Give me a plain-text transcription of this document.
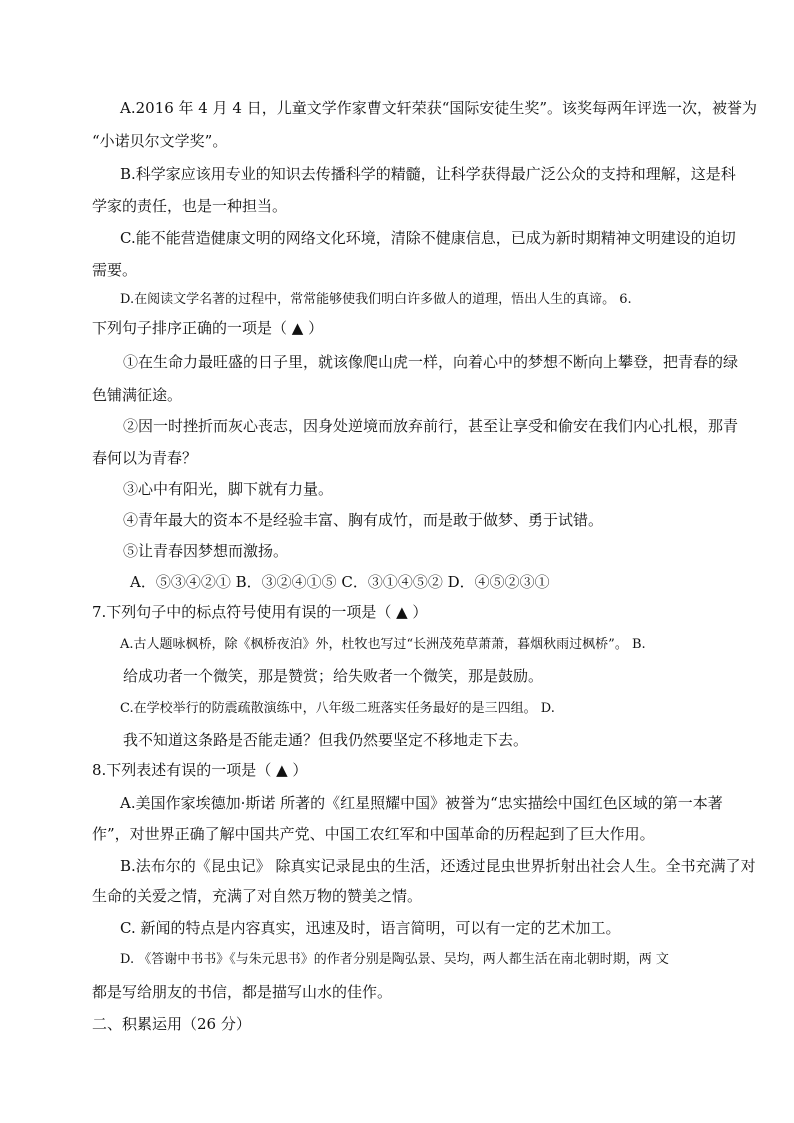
A.2016 年 4 月 4 日，儿童文学作家曹文轩荣获“国际安徒生奖”。该奖每两年评选一次，被誉为
“小诺贝尔文学奖”。
B.科学家应该用专业的知识去传播科学的精髓，让科学获得最广泛公众的支持和理解，这是科
学家的责任，也是一种担当。
C.能不能营造健康文明的网络文化环境，清除不健康信息，已成为新时期精神文明建设的迫切
需要。
D.在阅读文学名著的过程中，常常能够使我们明白许多做人的道理，悟出人生的真谛。 6.
下列句子排序正确的一项是（ ▲ ）
①在生命力最旺盛的日子里，就该像爬山虎一样，向着心中的梦想不断向上攀登，把青春的绿
色铺满征途。
②因一时挫折而灰心丧志，因身处逆境而放弃前行，甚至让享受和偷安在我们内心扎根，那青
春何以为青春？
③心中有阳光，脚下就有力量。
④青年最大的资本不是经验丰富、胸有成竹，而是敢于做梦、勇于试错。
⑤让青春因梦想而激扬。
A．⑤③④②① B．③②④①⑤ C．③①④⑤② D．④⑤②③①
7.下列句子中的标点符号使用有误的一项是（ ▲ ）
A.古人题咏枫桥，除《枫桥夜泊》外，杜牧也写过“长洲茂苑草萧萧，暮烟秋雨过枫桥”。 B.
给成功者一个微笑，那是赞赏；给失败者一个微笑，那是鼓励。
C.在学校举行的防震疏散演练中，八年级二班落实任务最好的是三四组。 D.
我不知道这条路是否能走通？但我仍然要坚定不移地走下去。
8.下列表述有误的一项是（ ▲ ）
A.美国作家埃德加·斯诺 所著的《红星照耀中国》被誉为“忠实描绘中国红色区域的第一本著
作”，对世界正确了解中国共产党、中国工农红军和中国革命的历程起到了巨大作用。
B.法布尔的《昆虫记》 除真实记录昆虫的生活，还透过昆虫世界折射出社会人生。全书充满了对
生命的关爱之情，充满了对自然万物的赞美之情。
C. 新闻的特点是内容真实，迅速及时，语言简明，可以有一定的艺术加工。
D. 《答谢中书书》《与朱元思书》的作者分别是陶弘景、吴均，两人都生活在南北朝时期，两 文
都是写给朋友的书信，都是描写山水的佳作。
二、积累运用（26 分）
